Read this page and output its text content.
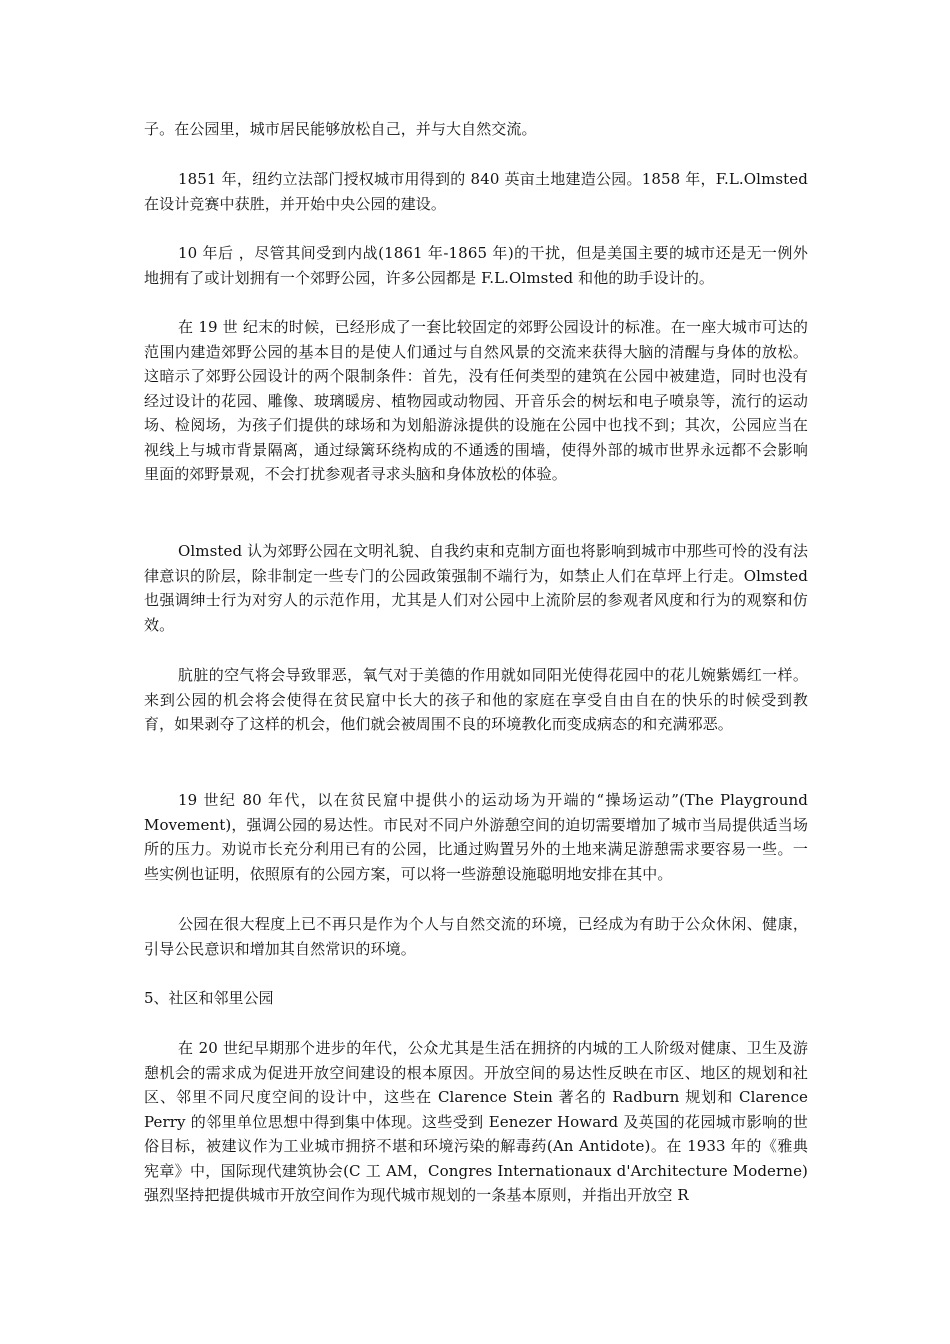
子。在公园里，城市居民能够放松自己，并与大自然交流。

1851 年，纽约立法部门授权城市用得到的 840 英亩土地建造公园。1858 年，F.L.Olmsted 在设计竞赛中获胜，并开始中央公园的建设。

10 年后 ，尽管其间受到内战(1861 年-1865 年)的干扰，但是美国主要的城市还是无一例外地拥有了或计划拥有一个郊野公园，许多公园都是 F.L.Olmsted 和他的助手设计的。

在 19 世 纪末的时候，已经形成了一套比较固定的郊野公园设计的标准。在一座大城市可达的范围内建造郊野公园的基本目的是使人们通过与自然风景的交流来获得大脑的清醒与身体的放松。这暗示了郊野公园设计的两个限制条件：首先，没有任何类型的建筑在公园中被建造，同时也没有经过设计的花园、雕像、玻璃暖房、植物园或动物园、开音乐会的树坛和电子喷泉等，流行的运动场、检阅场，为孩子们提供的球场和为划船游泳提供的设施在公园中也找不到；其次，公园应当在视线上与城市背景隔离，通过绿篱环绕构成的不通透的围墙，使得外部的城市世界永远都不会影响里面的郊野景观，不会打扰参观者寻求头脑和身体放松的体验。

Olmsted 认为郊野公园在文明礼貌、自我约束和克制方面也将影响到城市中那些可怜的没有法律意识的阶层，除非制定一些专门的公园政策强制不端行为，如禁止人们在草坪上行走。Olmsted 也强调绅士行为对穷人的示范作用，尤其是人们对公园中上流阶层的参观者风度和行为的观察和仿效。

肮脏的空气将会导致罪恶，氧气对于美德的作用就如同阳光使得花园中的花儿婉紫嫣红一样。来到公园的机会将会使得在贫民窟中长大的孩子和他的家庭在享受自由自在的快乐的时候受到教育，如果剥夺了这样的机会，他们就会被周围不良的环境教化而变成病态的和充满邪恶。

19 世纪 80 年代，以在贫民窟中提供小的运动场为开端的“操场运动”(The Playground Movement)，强调公园的易达性。市民对不同户外游憩空间的迫切需要增加了城市当局提供适当场所的压力。劝说市长充分利用已有的公园，比通过购置另外的土地来满足游憩需求要容易一些。一些实例也证明，依照原有的公园方案，可以将一些游憩设施聪明地安排在其中。

公园在很大程度上已不再只是作为个人与自然交流的环境，已经成为有助于公众休闲、健康，引导公民意识和增加其自然常识的环境。

5、社区和邻里公园

在 20 世纪早期那个进步的年代，公众尤其是生活在拥挤的内城的工人阶级对健康、卫生及游憩机会的需求成为促进开放空间建设的根本原因。开放空间的易达性反映在市区、地区的规划和社区、邻里不同尺度空间的设计中，这些在 Clarence Stein 著名的 Radburn 规划和 Clarence Perry 的邻里单位思想中得到集中体现。这些受到 Eenezer Howard 及英国的花园城市影响的世俗目标，被建议作为工业城市拥挤不堪和环境污染的解毒药(An Antidote)。在 1933 年的《雅典宪章》中，国际现代建筑协会(C 工 AM，Congres Internationaux d'Architecture Moderne)强烈坚持把提供城市开放空间作为现代城市规划的一条基本原则，并指出开放空 R
